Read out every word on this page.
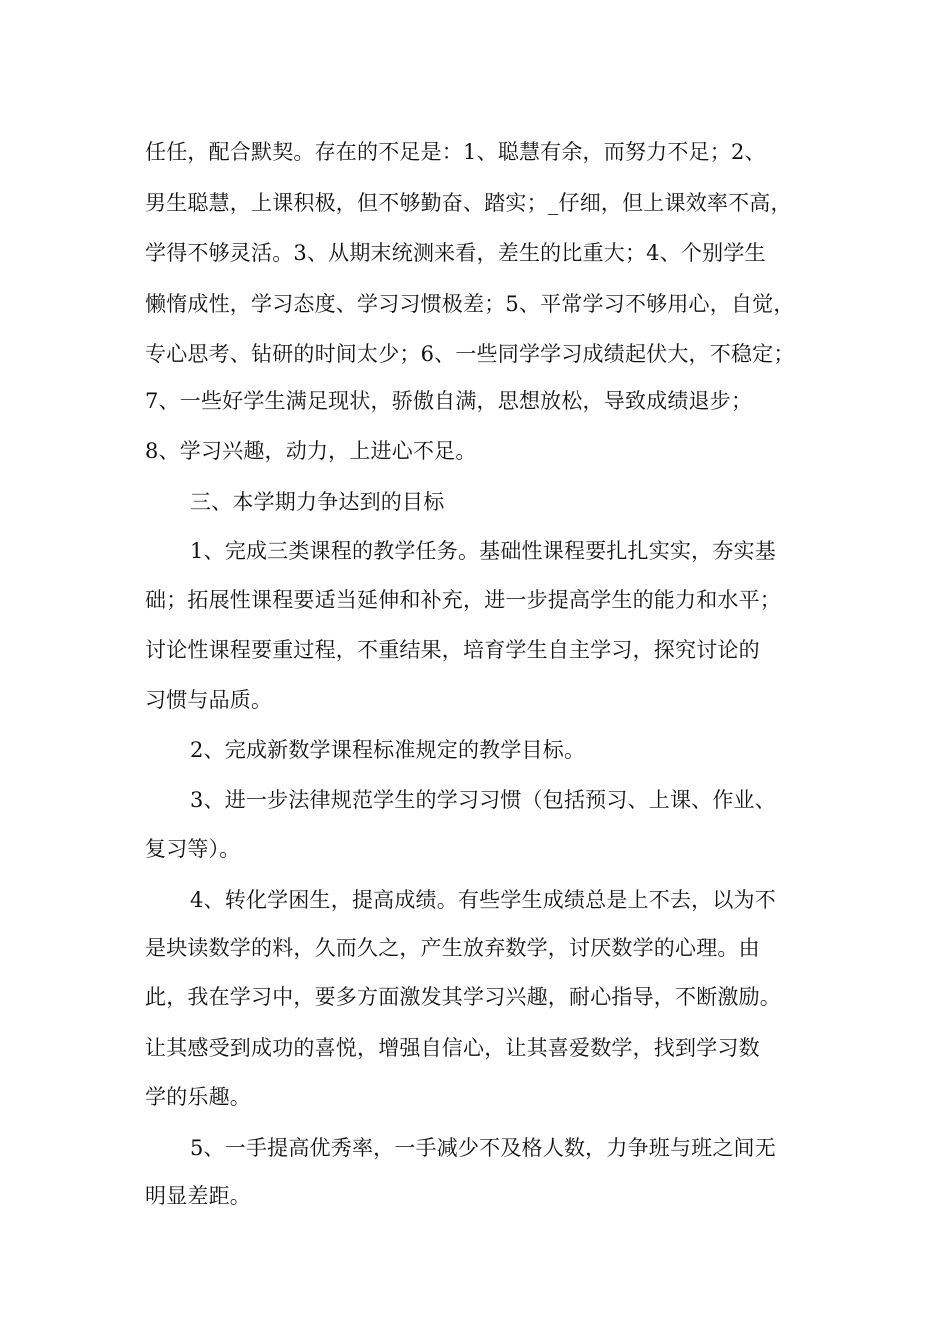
任任，配合默契。存在的不足是：1、聪慧有余，而努力不足；2、

男生聪慧，上课积极，但不够勤奋、踏实；_仔细，但上课效率不高，

学得不够灵活。3、从期末统测来看，差生的比重大；4、个别学生

懒惰成性，学习态度、学习习惯极差；5、平常学习不够用心，自觉，

专心思考、钻研的时间太少；6、一些同学学习成绩起伏大，不稳定；

7、一些好学生满足现状，骄傲自满，思想放松，导致成绩退步；

8、学习兴趣，动力，上进心不足。

三、本学期力争达到的目标

1、完成三类课程的教学任务。基础性课程要扎扎实实，夯实基

础；拓展性课程要适当延伸和补充，进一步提高学生的能力和水平；

讨论性课程要重过程，不重结果，培育学生自主学习，探究讨论的

习惯与品质。

2、完成新数学课程标准规定的教学目标。

3、进一步法律规范学生的学习习惯（包括预习、上课、作业、

复习等）。

4、转化学困生，提高成绩。有些学生成绩总是上不去，以为不

是块读数学的料，久而久之，产生放弃数学，讨厌数学的心理。由

此，我在学习中，要多方面激发其学习兴趣，耐心指导，不断激励。

让其感受到成功的喜悦，增强自信心，让其喜爱数学，找到学习数

学的乐趣。

5、一手提高优秀率，一手减少不及格人数，力争班与班之间无

明显差距。
